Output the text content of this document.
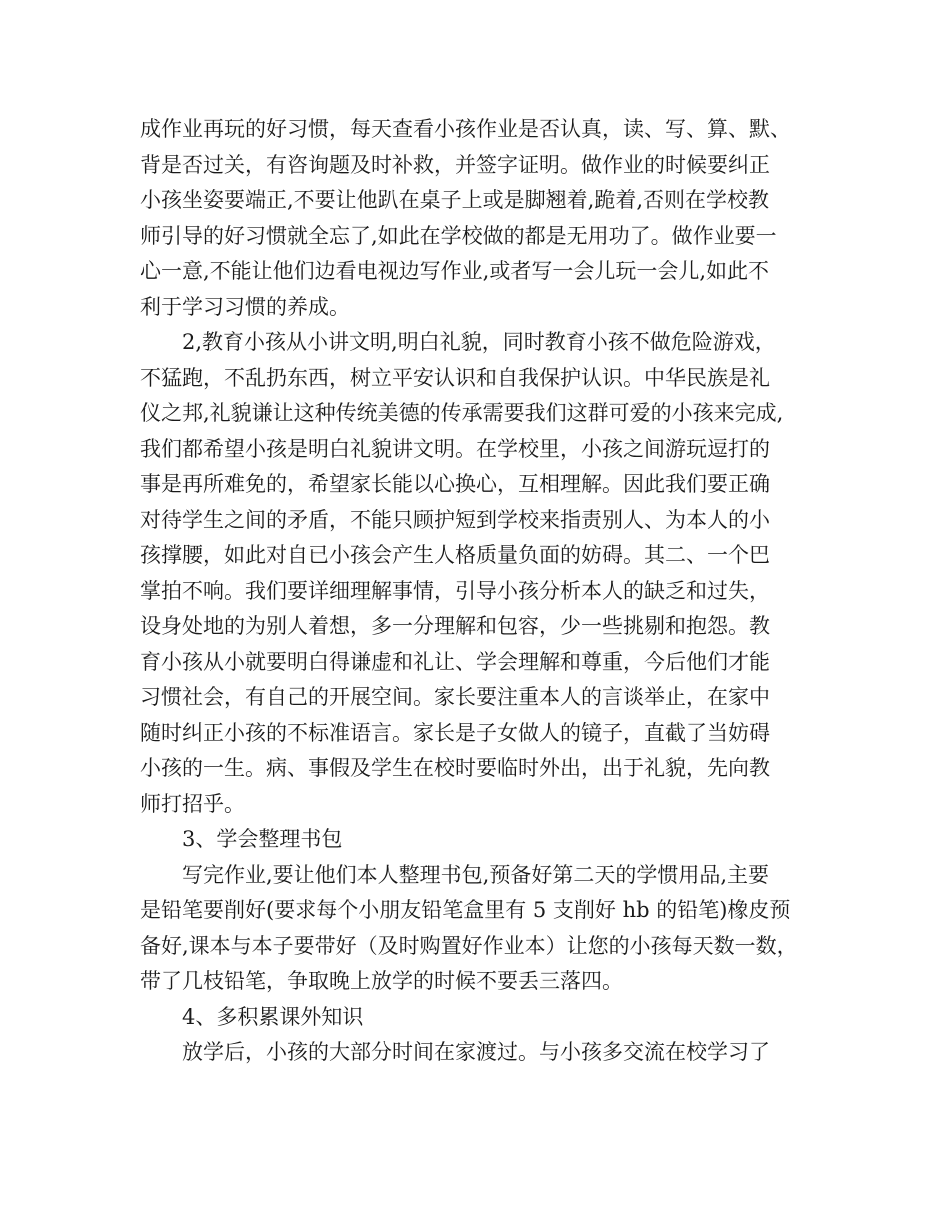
成作业再玩的好习惯，每天查看小孩作业是否认真，读、写、算、默、
背是否过关，有咨询题及时补救，并签字证明。做作业的时候要纠正
小孩坐姿要端正,不要让他趴在桌子上或是脚翘着,跪着,否则在学校教
师引导的好习惯就全忘了,如此在学校做的都是无用功了。做作业要一
心一意,不能让他们边看电视边写作业,或者写一会儿玩一会儿,如此不
利于学习习惯的养成。
2,教育小孩从小讲文明,明白礼貌，同时教育小孩不做危险游戏，
不猛跑，不乱扔东西，树立平安认识和自我保护认识。中华民族是礼
仪之邦,礼貌谦让这种传统美德的传承需要我们这群可爱的小孩来完成,
我们都希望小孩是明白礼貌讲文明。在学校里，小孩之间游玩逗打的
事是再所难免的，希望家长能以心换心，互相理解。因此我们要正确
对待学生之间的矛盾，不能只顾护短到学校来指责别人、为本人的小
孩撑腰，如此对自已小孩会产生人格质量负面的妨碍。其二、一个巴
掌拍不响。我们要详细理解事情，引导小孩分析本人的缺乏和过失，
设身处地的为别人着想，多一分理解和包容，少一些挑剔和抱怨。教
育小孩从小就要明白得谦虚和礼让、学会理解和尊重，今后他们才能
习惯社会，有自己的开展空间。家长要注重本人的言谈举止，在家中
随时纠正小孩的不标准语言。家长是子女做人的镜子，直截了当妨碍
小孩的一生。病、事假及学生在校时要临时外出，出于礼貌，先向教
师打招乎。
3、学会整理书包
写完作业,要让他们本人整理书包,预备好第二天的学惯用品,主要
是铅笔要削好(要求每个小朋友铅笔盒里有 5 支削好 hb 的铅笔)橡皮预
备好,课本与本子要带好（及时购置好作业本）让您的小孩每天数一数，
带了几枝铅笔，争取晚上放学的时候不要丢三落四。
4、多积累课外知识
放学后，小孩的大部分时间在家渡过。与小孩多交流在校学习了
